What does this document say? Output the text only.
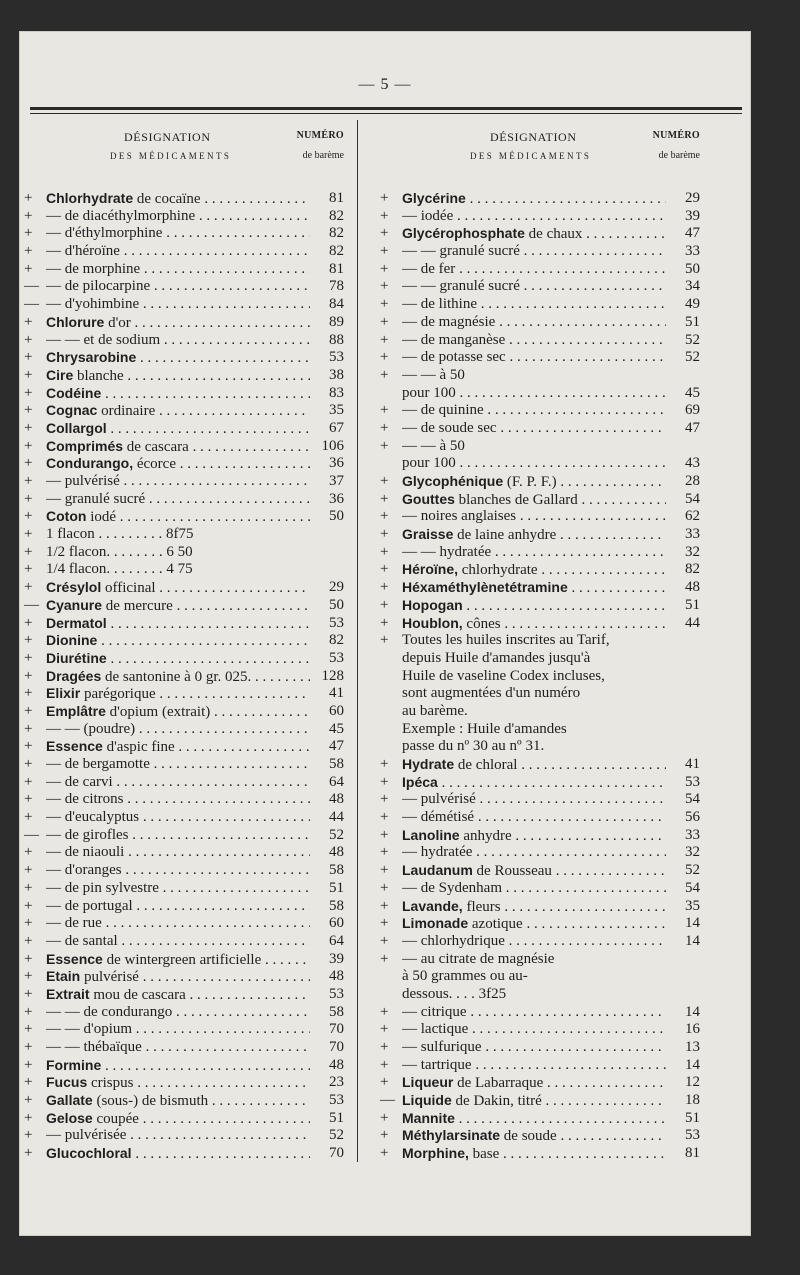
— 5 —
DÉSIGNATION
DES MÉDICAMENTS
NUMÉRO
de barème
+ Chlorhydrate de cocaïne . . .	81
+ — de diacéthylmorphine . . .	82
+ — d'éthylmorphine . . .	82
+ — d'héroïne . . .	82
+ — de morphine . . .	81
— — de pilocarpine . . .	78
— — d'yohimbine . . .	84
+ Chlorure d'or . . .	89
+ — — et de sodium . . .	88
+ Chrysarobine . . .	53
+ Cire blanche . . .	38
+ Codéine . . .	83
+ Cognac ordinaire . . .	35
+ Collargol . . .	67
+ Comprimés de cascara . . .	106
+ Condurango, écorce . . .	36
+ — pulvérisé . . .	37
+ — granulé sucré . . .	36
+ Coton iodé . . .	50
+ 1 flacon . . . . . . . . . 8f75
+ 1/2 flacon. . . . . . . . 6 50
+ 1/4 flacon. . . . . . . . 4 75
+ Crésylol officinal . . .	29
— Cyanure de mercure . . .	50
+ Dermatol . . .	53
+ Dionine . . .	82
+ Diurétine . . .	53
+ Dragées de santonine à 0 gr. 025. . . .	128
+ Elixir parégorique . . .	41
+ Emplâtre d'opium (extrait) . . .	60
+ — — (poudre) . . .	45
+ Essence d'aspic fine . . .	47
+ — de bergamotte . . .	58
+ — de carvi . . .	64
+ — de citrons . . .	48
+ — d'eucalyptus . . .	44
— — de girofles . . .	52
+ — de niaouli . . .	48
+ — d'oranges . . .	58
+ — de pin sylvestre . . .	51
+ — de portugal . . .	58
+ — de rue . . .	60
+ — de santal . . .	64
+ Essence de wintergreen artificielle . . .	39
+ Etain pulvérisé . . .	48
+ Extrait mou de cascara . . .	53
+ — — de condurango . . .	58
+ — — d'opium . . .	70
+ — — thébaïque . . .	70
+ Formine . . .	48
+ Fucus crispus . . .	23
+ Gallate (sous-) de bismuth . . .	53
+ Gelose coupée . . .	51
+ — pulvérisée . . .	52
+ Glucochloral . . .	70
DÉSIGNATION
DES MÉDICAMENTS
NUMÉRO
de barème
+ Glycérine . . .	29
+ — iodée . . .	39
+ Glycérophosphate de chaux . . .	47
+ — — granulé sucré . . .	33
+ — de fer . . .	50
+ — — granulé sucré . . .	34
+ — de lithine . . .	49
+ — de magnésie . . .	51
+ — de manganèse . . .	52
+ — de potasse sec . . .	52
+ — — à 50
pour 100 . . .	45
+ — de quinine . . .	69
+ — de soude sec . . .	47
+ — — à 50
pour 100 . . .	43
+ Glycophénique (F. P. F.) . . .	28
+ Gouttes blanches de Gallard . . .	54
+ — noires anglaises . . .	62
+ Graisse de laine anhydre . . .	33
+ — — hydratée . . .	32
+ Héroïne, chlorhydrate . . .	82
+ Héxaméthylènetétramine . . .	48
+ Hopogan . . .	51
+ Houblon, cônes . . .	44
+ Toutes les huiles inscrites au Tarif,
depuis Huile d'amandes jusqu'à
Huile de vaseline Codex incluses,
sont augmentées d'un numéro
au barème.
Exemple : Huile d'amandes
passe du nº 30 au nº 31.
+ Hydrate de chloral . . .	41
+ Ipéca . . .	53
+ — pulvérisé . . .	54
+ — démétisé . . .	56
+ Lanoline anhydre . . .	33
+ — hydratée . . .	32
+ Laudanum de Rousseau . . .	52
+ — de Sydenham . . .	54
+ Lavande, fleurs . . .	35
+ Limonade azotique . . .	14
+ — chlorhydrique . . .	14
+ — au citrate de magnésie
à 50 grammes ou au-
dessous. . . . 3f25
+ — citrique . . .	14
+ — lactique . . .	16
+ — sulfurique . . .	13
+ — tartrique . . .	14
+ Liqueur de Labarraque . . .	12
— Liquide de Dakin, titré . . .	18
+ Mannite . . .	51
+ Méthylarsinate de soude . . .	53
+ Morphine, base . . .	81
